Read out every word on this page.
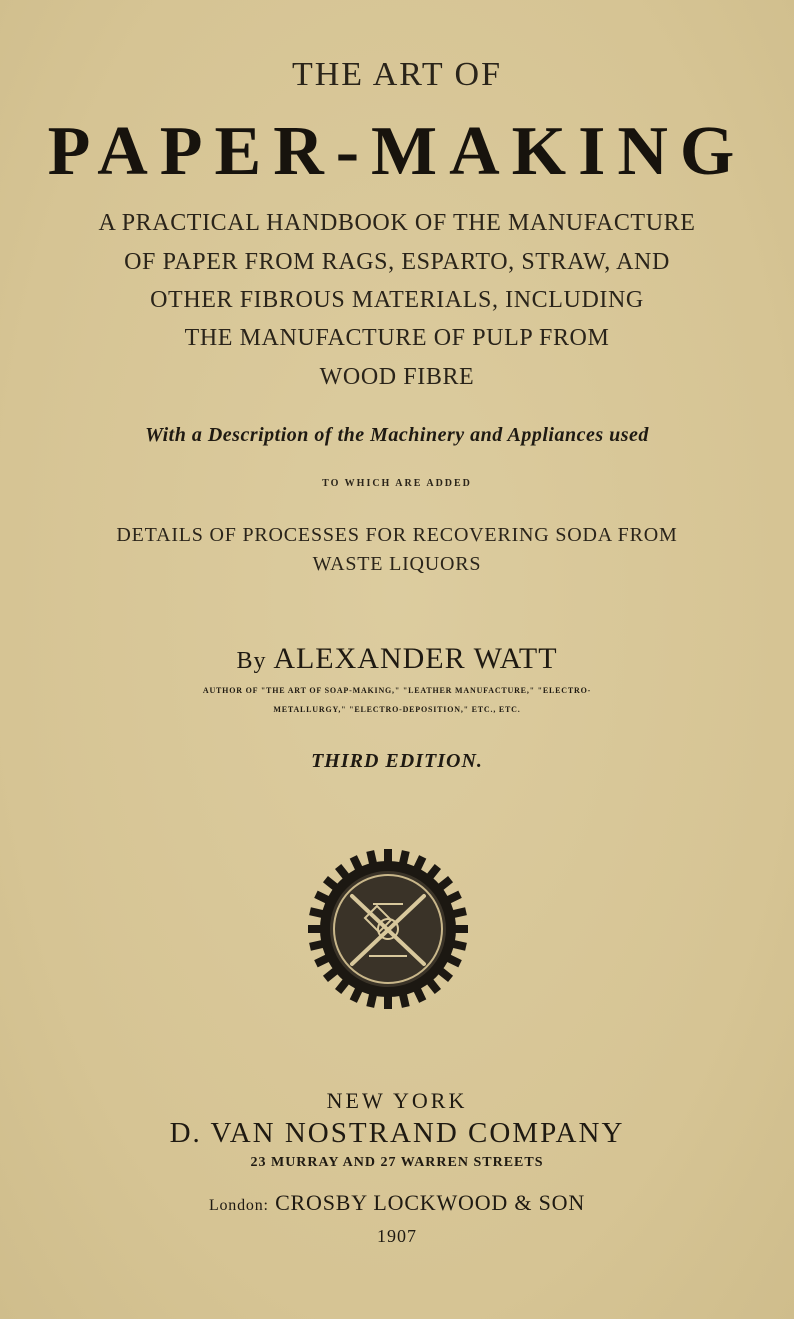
THE ART OF
PAPER-MAKING
A PRACTICAL HANDBOOK OF THE MANUFACTURE
OF PAPER FROM RAGS, ESPARTO, STRAW, AND
OTHER FIBROUS MATERIALS, INCLUDING
THE MANUFACTURE OF PULP FROM
WOOD FIBRE
With a Description of the Machinery and Appliances used
TO WHICH ARE ADDED
DETAILS OF PROCESSES FOR RECOVERING SODA FROM
WASTE LIQUORS
By ALEXANDER WATT
AUTHOR OF "THE ART OF SOAP-MAKING," "LEATHER MANUFACTURE," "ELECTRO-
METALLURGY," "ELECTRO-DEPOSITION," ETC., ETC.
THIRD EDITION.
NEW YORK
D. VAN NOSTRAND COMPANY
23 MURRAY AND 27 WARREN STREETS
London: CROSBY LOCKWOOD & SON
1907
